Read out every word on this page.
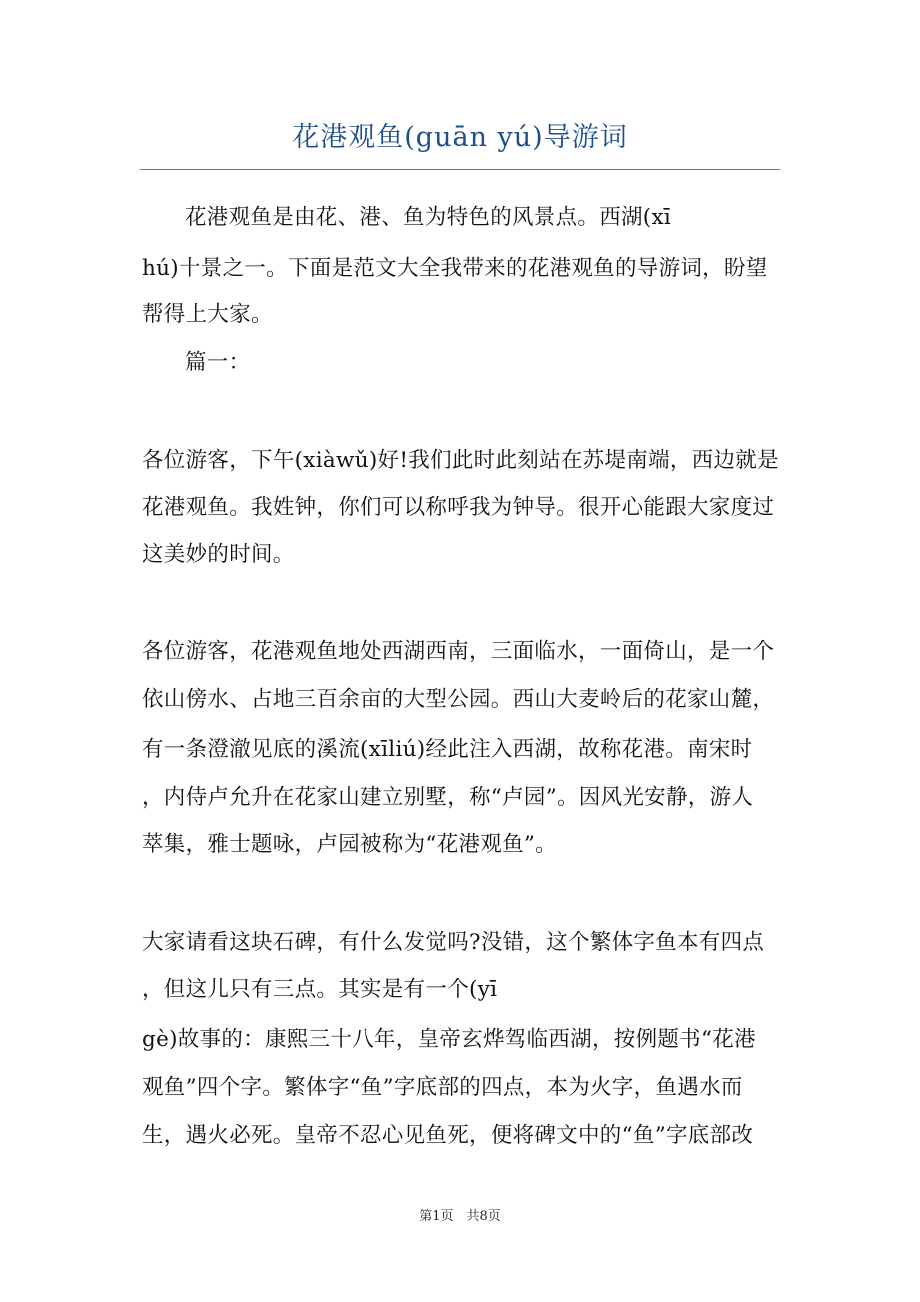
花港观鱼(guān yú)导游词
花港观鱼是由花、港、鱼为特色的风景点。西湖(xī
hú)十景之一。下面是范文大全我带来的花港观鱼的导游词，盼望
帮得上大家。
篇一：
各位游客，下午(xiàwǔ)好!我们此时此刻站在苏堤南端，西边就是
花港观鱼。我姓钟，你们可以称呼我为钟导。很开心能跟大家度过
这美妙的时间。
各位游客，花港观鱼地处西湖西南，三面临水，一面倚山，是一个
依山傍水、占地三百余亩的大型公园。西山大麦岭后的花家山麓，
有一条澄澈见底的溪流(xīliú)经此注入西湖，故称花港。南宋时
，内侍卢允升在花家山建立别墅，称“卢园”。因风光安静，游人
萃集，雅士题咏，卢园被称为“花港观鱼”。
大家请看这块石碑，有什么发觉吗?没错，这个繁体字鱼本有四点
，但这儿只有三点。其实是有一个(yī
gè)故事的：康熙三十八年，皇帝玄烨驾临西湖，按例题书“花港
观鱼”四个字。繁体字“鱼”字底部的四点，本为火字，鱼遇水而
生，遇火必死。皇帝不忍心见鱼死，便将碑文中的“鱼”字底部改
第1页　共8页
